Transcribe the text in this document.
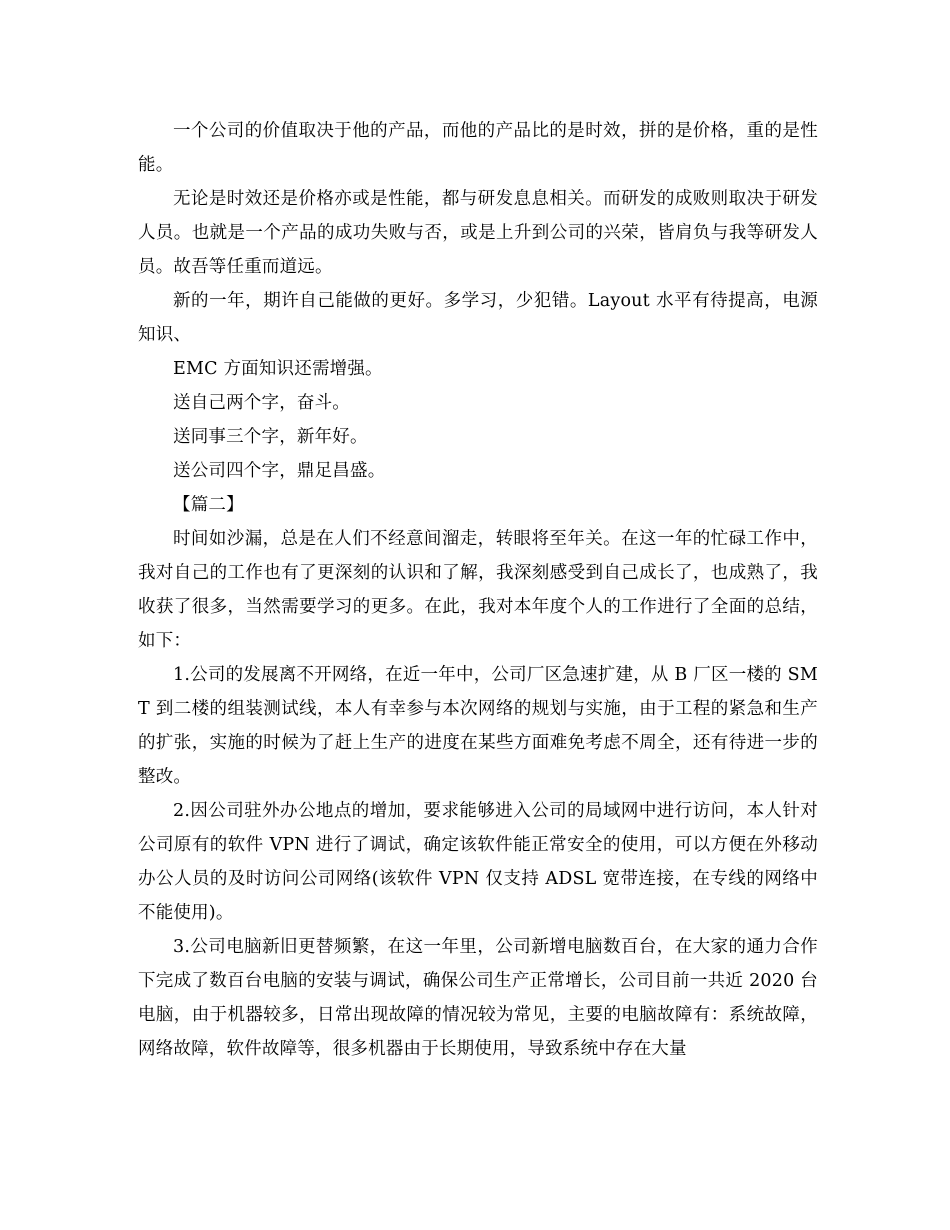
一个公司的价值取决于他的产品，而他的产品比的是时效，拼的是价格，重的是性能。

无论是时效还是价格亦或是性能，都与研发息息相关。而研发的成败则取决于研发人员。也就是一个产品的成功失败与否，或是上升到公司的兴荣，皆肩负与我等研发人员。故吾等任重而道远。

新的一年，期许自己能做的更好。多学习，少犯错。Layout 水平有待提高，电源知识、

EMC 方面知识还需增强。

送自己两个字，奋斗。

送同事三个字，新年好。

送公司四个字，鼎足昌盛。

【篇二】

时间如沙漏，总是在人们不经意间溜走，转眼将至年关。在这一年的忙碌工作中，我对自己的工作也有了更深刻的认识和了解，我深刻感受到自己成长了，也成熟了，我收获了很多，当然需要学习的更多。在此，我对本年度个人的工作进行了全面的总结，如下：

1.公司的发展离不开网络，在近一年中，公司厂区急速扩建，从 B 厂区一楼的 SMT 到二楼的组装测试线，本人有幸参与本次网络的规划与实施，由于工程的紧急和生产的扩张，实施的时候为了赶上生产的进度在某些方面难免考虑不周全，还有待进一步的整改。

2.因公司驻外办公地点的增加，要求能够进入公司的局域网中进行访问，本人针对公司原有的软件 VPN 进行了调试，确定该软件能正常安全的使用，可以方便在外移动办公人员的及时访问公司网络(该软件 VPN 仅支持 ADSL 宽带连接，在专线的网络中不能使用)。

3.公司电脑新旧更替频繁，在这一年里，公司新增电脑数百台，在大家的通力合作下完成了数百台电脑的安装与调试，确保公司生产正常增长，公司目前一共近 2020 台电脑，由于机器较多，日常出现故障的情况较为常见，主要的电脑故障有：系统故障，网络故障，软件故障等，很多机器由于长期使用，导致系统中存在大量
